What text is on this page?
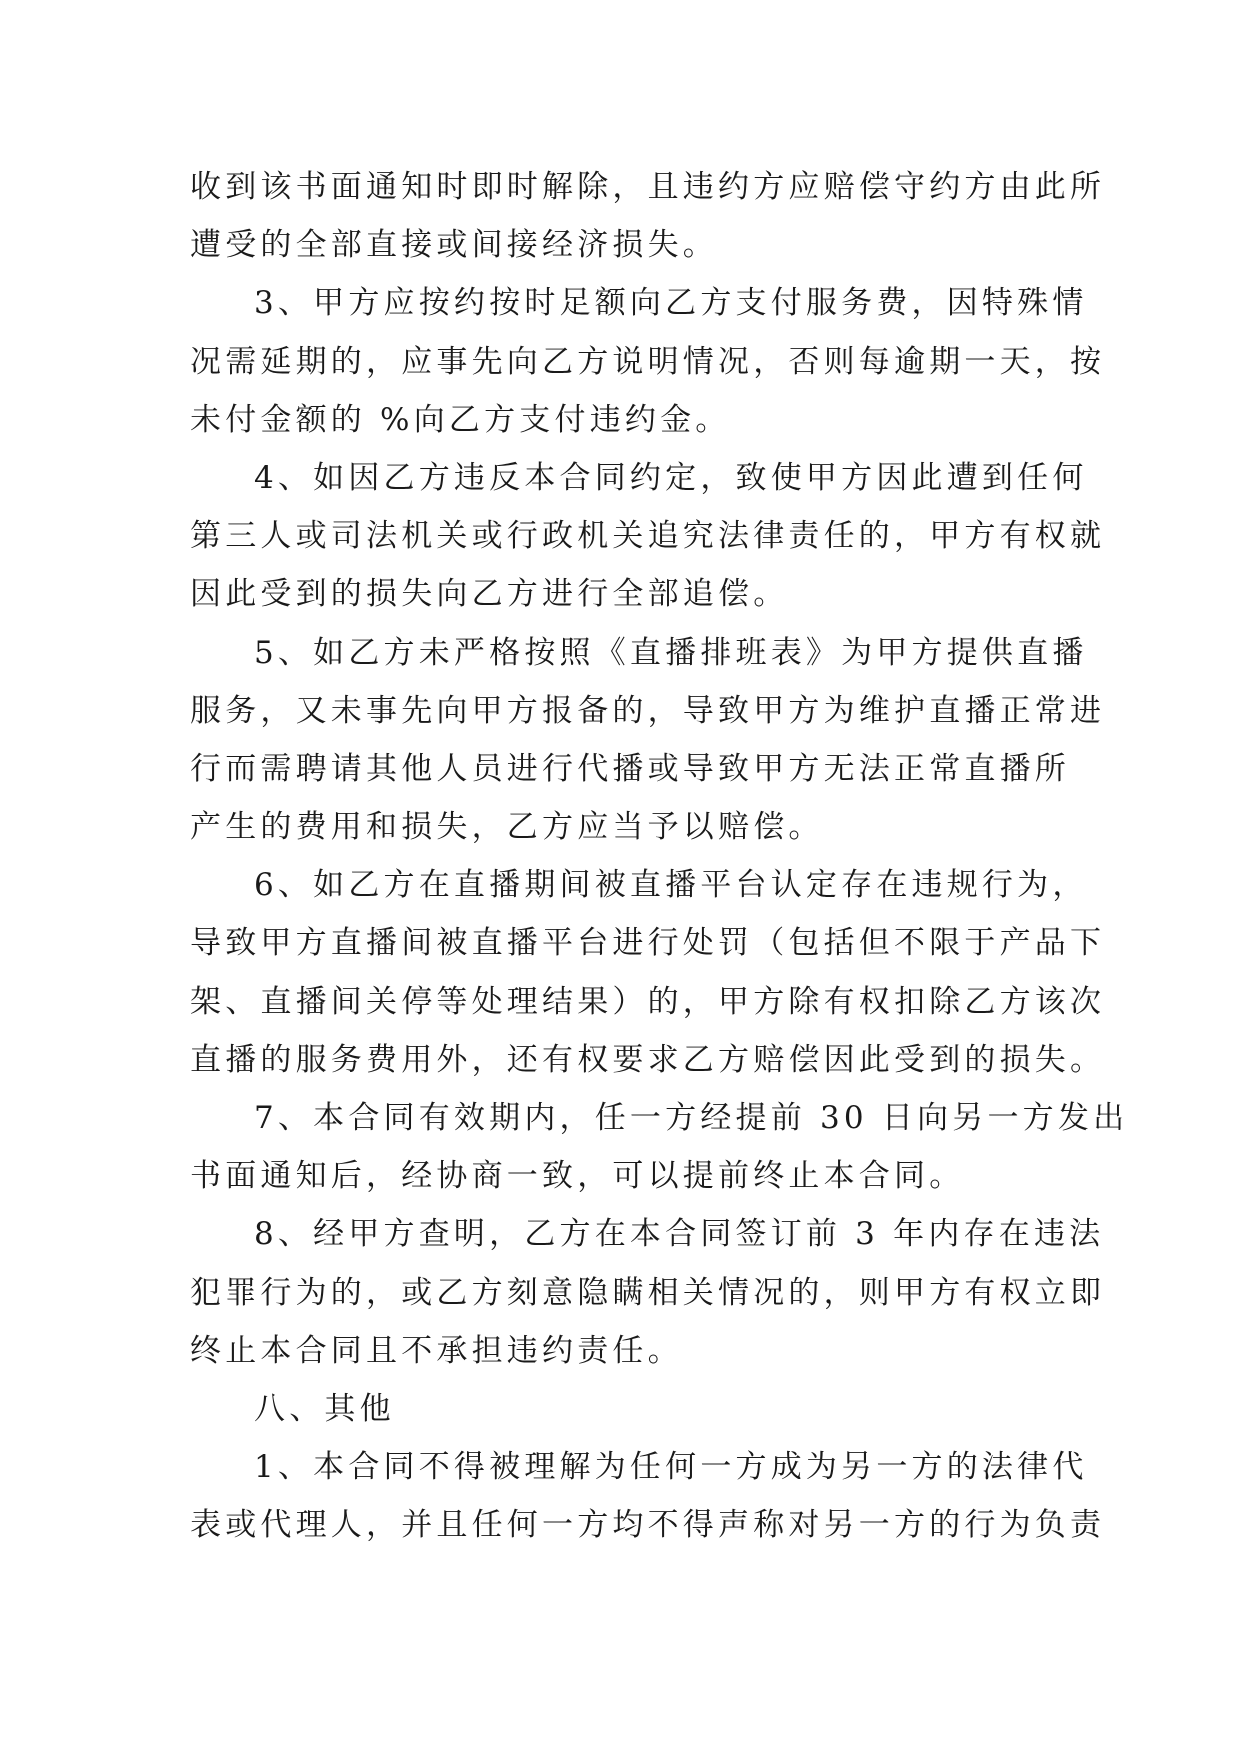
收到该书面通知时即时解除，且违约方应赔偿守约方由此所
遭受的全部直接或间接经济损失。
3、甲方应按约按时足额向乙方支付服务费，因特殊情
况需延期的，应事先向乙方说明情况，否则每逾期一天，按
未付金额的 %向乙方支付违约金。
4、如因乙方违反本合同约定，致使甲方因此遭到任何
第三人或司法机关或行政机关追究法律责任的，甲方有权就
因此受到的损失向乙方进行全部追偿。
5、如乙方未严格按照《直播排班表》为甲方提供直播
服务，又未事先向甲方报备的，导致甲方为维护直播正常进
行而需聘请其他人员进行代播或导致甲方无法正常直播所
产生的费用和损失，乙方应当予以赔偿。
6、如乙方在直播期间被直播平台认定存在违规行为，
导致甲方直播间被直播平台进行处罚（包括但不限于产品下
架、直播间关停等处理结果）的，甲方除有权扣除乙方该次
直播的服务费用外，还有权要求乙方赔偿因此受到的损失。
7、本合同有效期内，任一方经提前 30 日向另一方发出
书面通知后，经协商一致，可以提前终止本合同。
8、经甲方查明，乙方在本合同签订前 3 年内存在违法
犯罪行为的，或乙方刻意隐瞒相关情况的，则甲方有权立即
终止本合同且不承担违约责任。
八、其他
1、本合同不得被理解为任何一方成为另一方的法律代
表或代理人，并且任何一方均不得声称对另一方的行为负责
